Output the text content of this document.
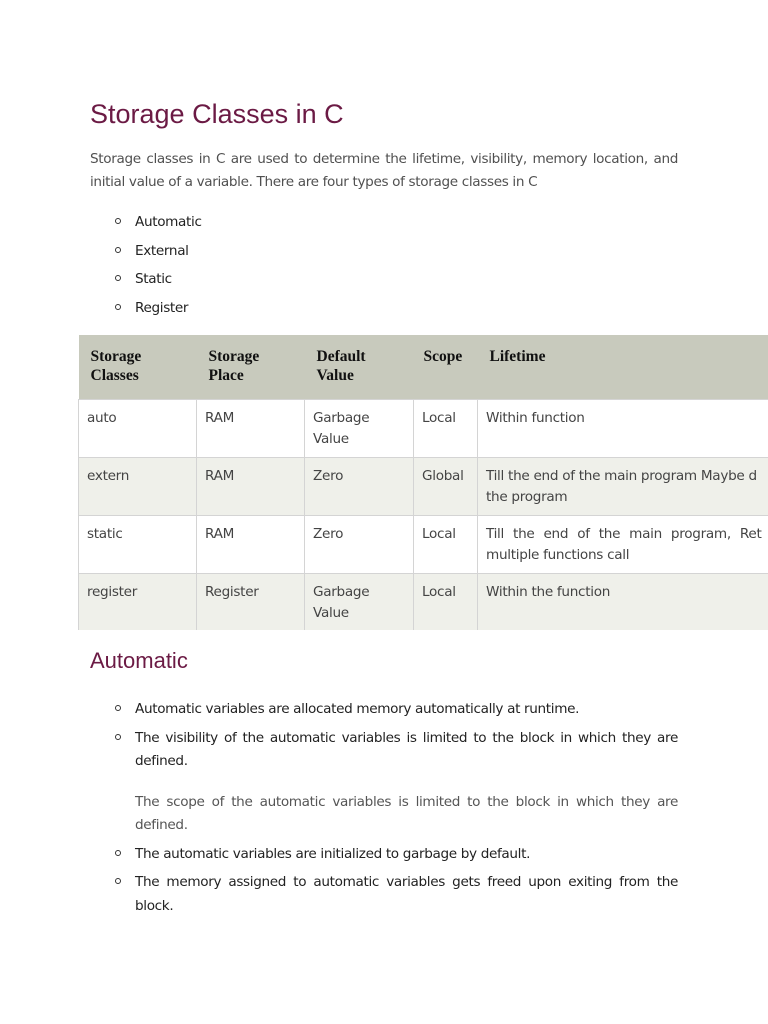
Storage Classes in C

Storage classes in C are used to determine the lifetime, visibility, memory location, and initial value of a variable. There are four types of storage classes in C

Automatic
External
Static
Register
Storage Classes	Storage Place	Default Value	Scope	Lifetime
auto	RAM	Garbage Value	Local	Within function
extern	RAM	Zero	Global	Till the end of the main program Maybe d
the program
static	RAM	Zero	Local	Till the end of the main program, Ret
multiple functions call
register	Register	Garbage Value	Local	Within the function
Automatic
Automatic variables are allocated memory automatically at runtime.
The visibility of the automatic variables is limited to the block in which they are defined.
The scope of the automatic variables is limited to the block in which they are defined.
The automatic variables are initialized to garbage by default.
The memory assigned to automatic variables gets freed upon exiting from the block.
